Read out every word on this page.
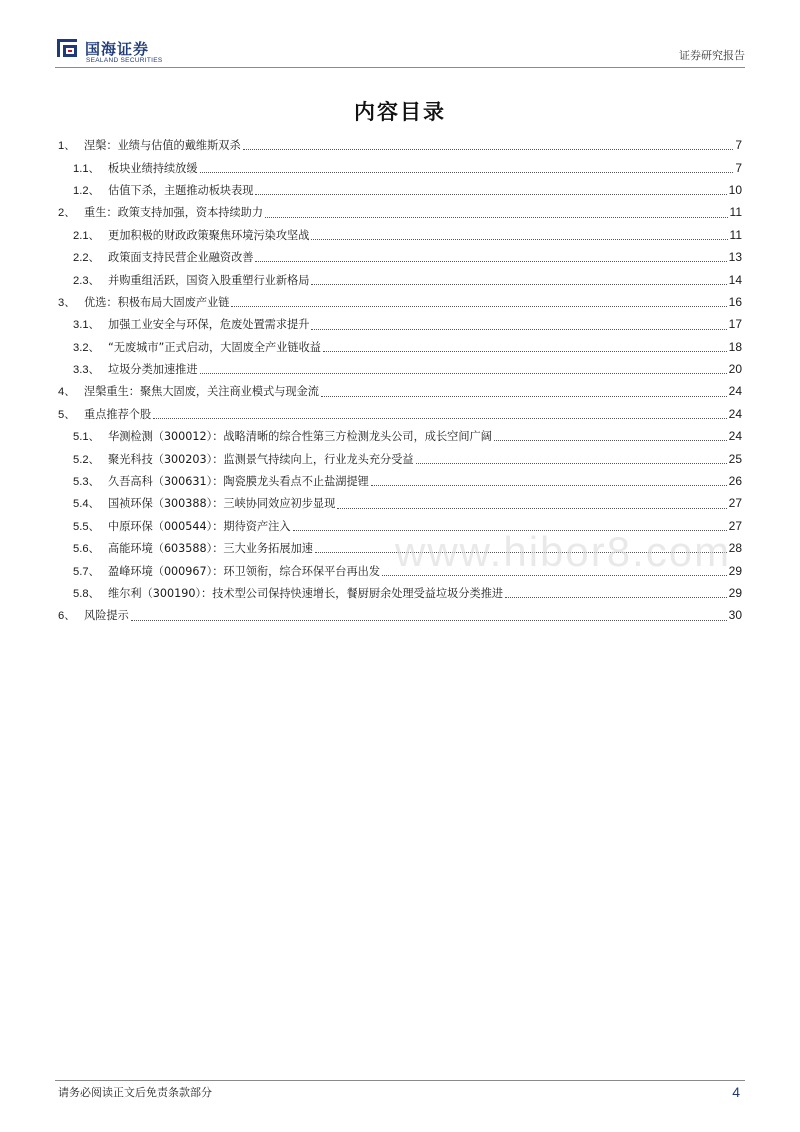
国海证券
SEALAND SECURITIES	证券研究报告
内容目录
1、 涅槃：业绩与估值的戴维斯双杀	7
1.1、 板块业绩持续放缓	7
1.2、 估值下杀，主题推动板块表现	10
2、 重生：政策支持加强，资本持续助力	11
2.1、 更加积极的财政政策聚焦环境污染攻坚战	11
2.2、 政策面支持民营企业融资改善	13
2.3、 并购重组活跃，国资入股重塑行业新格局	14
3、 优选：积极布局大固废产业链	16
3.1、 加强工业安全与环保，危废处置需求提升	17
3.2、 “无废城市”正式启动，大固废全产业链收益	18
3.3、 垃圾分类加速推进	20
4、 涅槃重生：聚焦大固废，关注商业模式与现金流	24
5、 重点推荐个股	24
5.1、 华测检测（300012）：战略清晰的综合性第三方检测龙头公司，成长空间广阔	24
5.2、 聚光科技（300203）：监测景气持续向上，行业龙头充分受益	25
5.3、 久吾高科（300631）：陶瓷膜龙头看点不止盐湖提锂	26
5.4、 国祯环保（300388）：三峡协同效应初步显现	27
5.5、 中原环保（000544）：期待资产注入	27
5.6、 高能环境（603588）：三大业务拓展加速	28
5.7、 盈峰环境（000967）：环卫领衔，综合环保平台再出发	29
5.8、 维尔利（300190）：技术型公司保持快速增长，餐厨厨余处理受益垃圾分类推进	29
6、 风险提示	30
www.hibor8.com
请务必阅读正文后免责条款部分	4
